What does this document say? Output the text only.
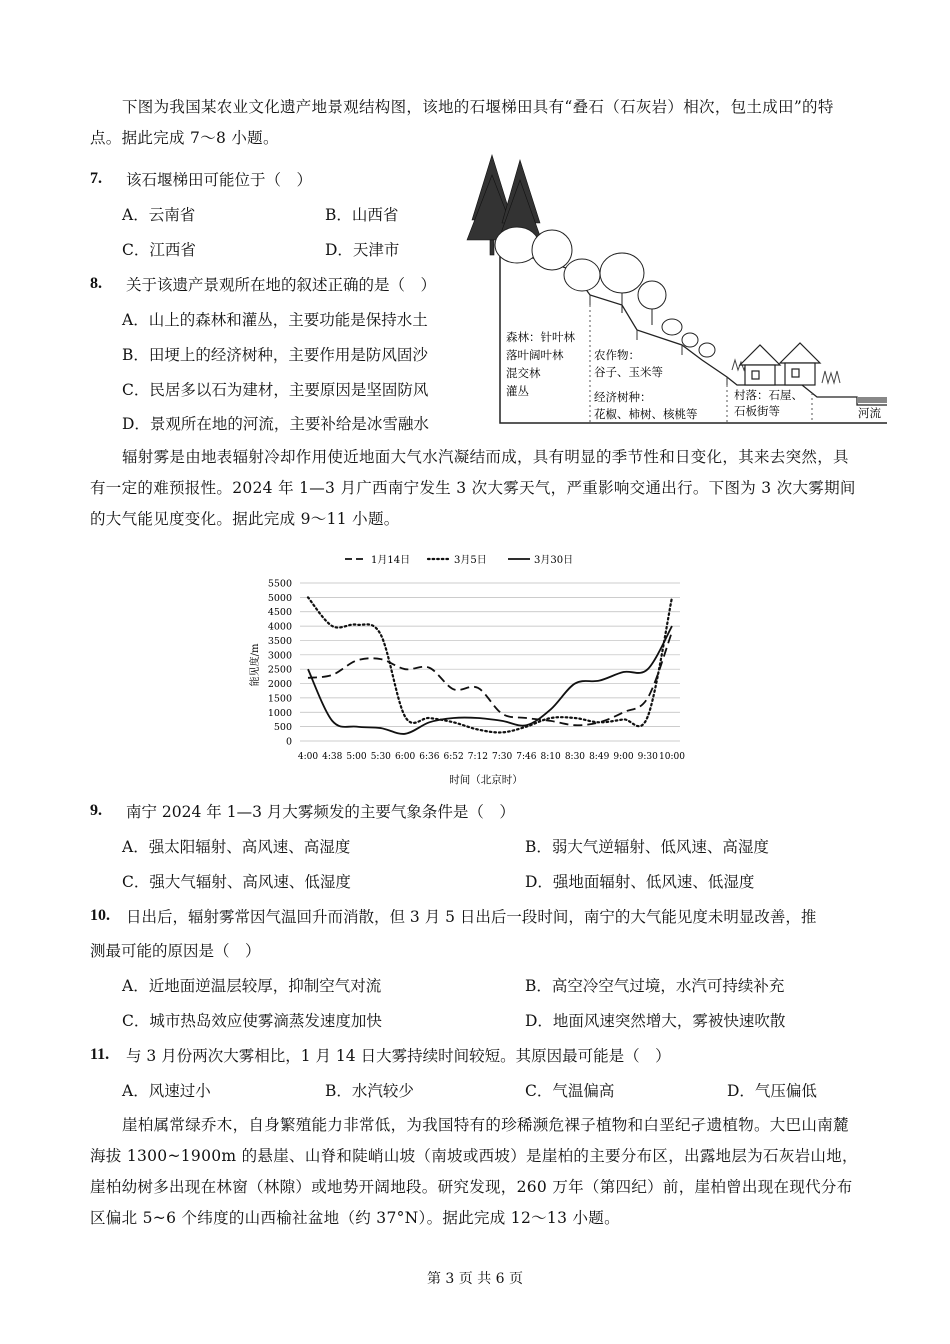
下图为我国某农业文化遗产地景观结构图，该地的石堰梯田具有“叠石（石灰岩）相次，包土成田”的特点。据此完成 7～8 小题。
7. 该石堰梯田可能位于（　）
A．云南省	B．山西省
C．江西省	D．天津市
8. 关于该遗产景观所在地的叙述正确的是（　）
A．山上的森林和灌丛，主要功能是保持水土
B．田埂上的经济树种，主要作用是防风固沙
C．民居多以石为建材，主要原因是坚固防风
D．景观所在地的河流，主要补给是冰雪融水
森林：针叶林
落叶阔叶林
混交林
灌丛
农作物：
谷子、玉米等
经济树种：
花椒、柿树、核桃等
村落：石屋、
石板街等	河流
辐射雾是由地表辐射冷却作用使近地面大气水汽凝结而成，具有明显的季节性和日变化，其来去突然，具有一定的难预报性。2024 年 1—3 月广西南宁发生 3 次大雾天气，严重影响交通出行。下图为 3 次大雾期间的大气能见度变化。据此完成 9～11 小题。
1月14日	3月5日	3月30日
0
500
1000
1500
2000
2500
3000
3500
4000
4500
5000
5500
4:00 4:38 5:00 5:30 6:00 6:36 6:52 7:12 7:30 7:46 8:10 8:30 8:49 9:00 9:30 10:00
能见度/m
时间（北京时）
9. 南宁 2024 年 1—3 月大雾频发的主要气象条件是（　）
A．强太阳辐射、高风速、高湿度	B．弱大气逆辐射、低风速、高湿度
C．强大气辐射、高风速、低湿度	D．强地面辐射、低风速、低湿度
10. 日出后，辐射雾常因气温回升而消散，但 3 月 5 日出后一段时间，南宁的大气能见度未明显改善，推
测最可能的原因是（　）
A．近地面逆温层较厚，抑制空气对流	B．高空冷空气过境，水汽可持续补充
C．城市热岛效应使雾滴蒸发速度加快	D．地面风速突然增大，雾被快速吹散
11. 与 3 月份两次大雾相比，1 月 14 日大雾持续时间较短。其原因最可能是（　）
A．风速过小	B．水汽较少	C．气温偏高	D．气压偏低
崖柏属常绿乔木，自身繁殖能力非常低，为我国特有的珍稀濒危裸子植物和白垩纪孑遗植物。大巴山南麓海拔 1300~1900m 的悬崖、山脊和陡峭山坡（南坡或西坡）是崖柏的主要分布区，出露地层为石灰岩山地，崖柏幼树多出现在林窗（林隙）或地势开阔地段。研究发现，260 万年（第四纪）前，崖柏曾出现在现代分布区偏北 5~6 个纬度的山西榆社盆地（约 37°N）。据此完成 12～13 小题。
第 3 页 共 6 页
